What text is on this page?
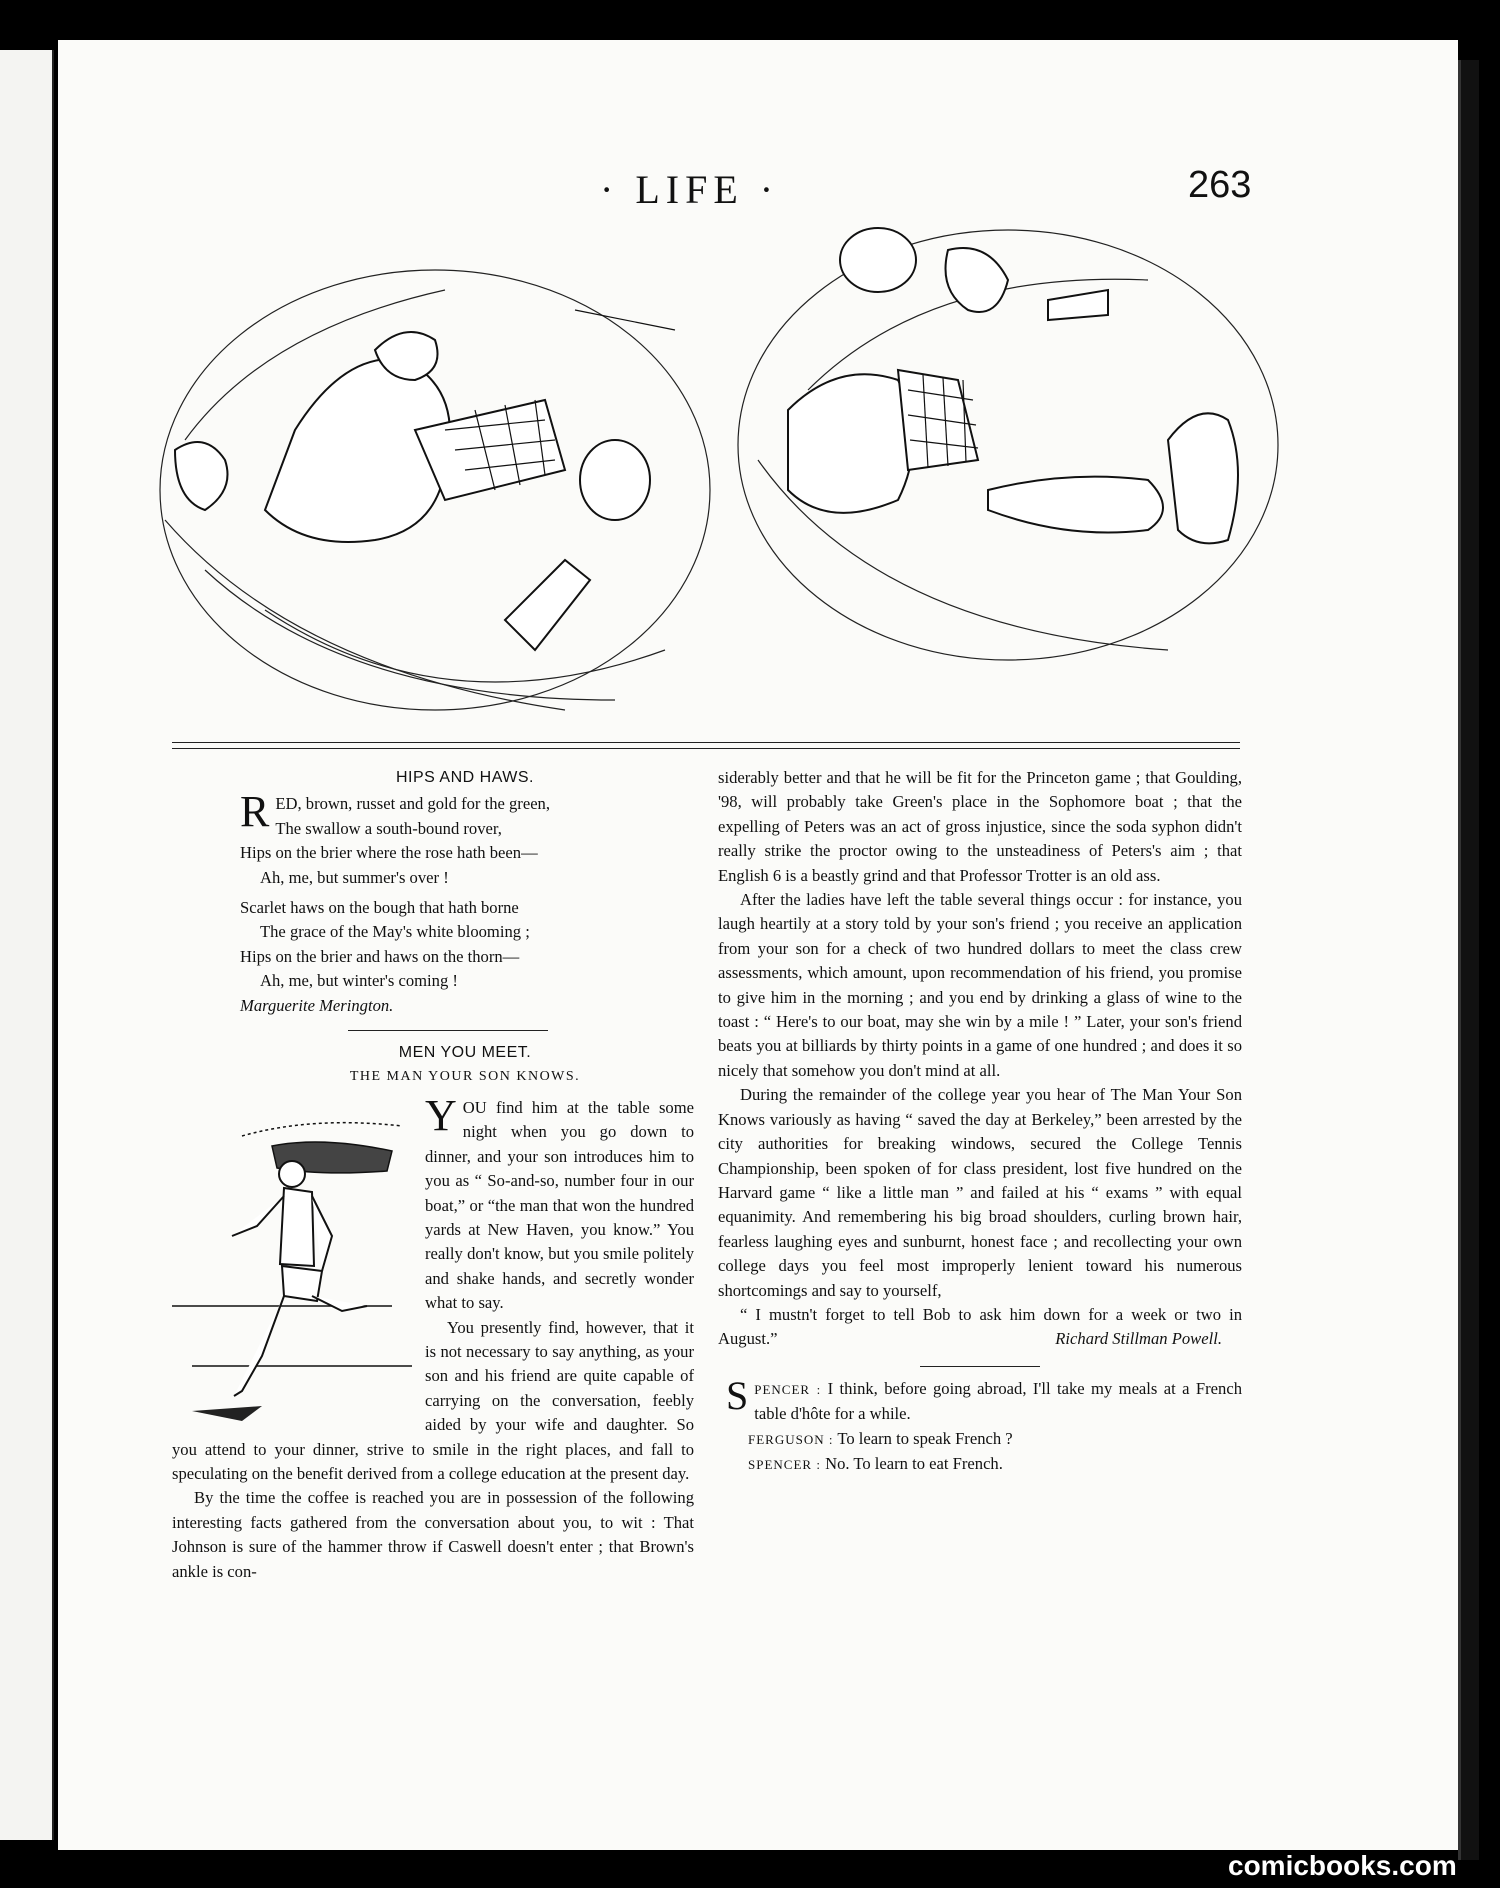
· LIFE ·	263
HIPS AND HAWS.

RED, brown, russet and gold for the green,

The swallow a south-bound rover,

Hips on the brier where the rose hath been—

Ah, me, but summer's over !

Scarlet haws on the bough that hath borne

The grace of the May's white blooming ;

Hips on the brier and haws on the thorn—

Ah, me, but winter's coming !

Marguerite Merington.

MEN YOU MEET.
THE MAN YOUR SON KNOWS.

YOU find him at the table some night when you go down to dinner, and your son introduces him to you as “ So-and-so, number four in our boat,” or “the man that won the hundred yards at New Haven, you know.” You really don't know, but you smile politely and shake hands, and secretly wonder what to say.

You presently find, however, that it is not necessary to say anything, as your son and his friend are quite capable of carrying on the conversation, feebly aided by your wife and daughter. So you attend to your dinner, strive to smile in the right places, and fall to speculating on the benefit derived from a college education at the present day.

By the time the coffee is reached you are in possession of the following interesting facts gathered from the conversation about you, to wit : That Johnson is sure of the hammer throw if Caswell doesn't enter ; that Brown's ankle is con-

siderably better and that he will be fit for the Princeton game ; that Goulding, '98, will probably take Green's place in the Sophomore boat ; that the expelling of Peters was an act of gross injustice, since the soda syphon didn't really strike the proctor owing to the unsteadiness of Peters's aim ; that English 6 is a beastly grind and that Professor Trotter is an old ass.

After the ladies have left the table several things occur : for instance, you laugh heartily at a story told by your son's friend ; you receive an application from your son for a check of two hundred dollars to meet the class crew assessments, which amount, upon recommendation of his friend, you promise to give him in the morning ; and you end by drinking a glass of wine to the toast : “ Here's to our boat, may she win by a mile ! ” Later, your son's friend beats you at billiards by thirty points in a game of one hundred ; and does it so nicely that somehow you don't mind at all.

During the remainder of the college year you hear of The Man Your Son Knows variously as having “ saved the day at Berkeley,” been arrested by the city authorities for breaking windows, secured the College Tennis Championship, been spoken of for class president, lost five hundred on the Harvard game “ like a little man ” and failed at his “ exams ” with equal equanimity. And remembering his big broad shoulders, curling brown hair, fearless laughing eyes and sunburnt, honest face ; and recollecting your own college days you feel most improperly lenient toward his numerous shortcomings and say to yourself,

“ I mustn't forget to tell Bob to ask him down for a week or two in August.”	Richard Stillman Powell.

S PENCER : I think, before going abroad, I'll take my meals at a French table d'hôte for a while.

FERGUSON : To learn to speak French ?

SPENCER : No. To learn to eat French.

comicbooks.com
